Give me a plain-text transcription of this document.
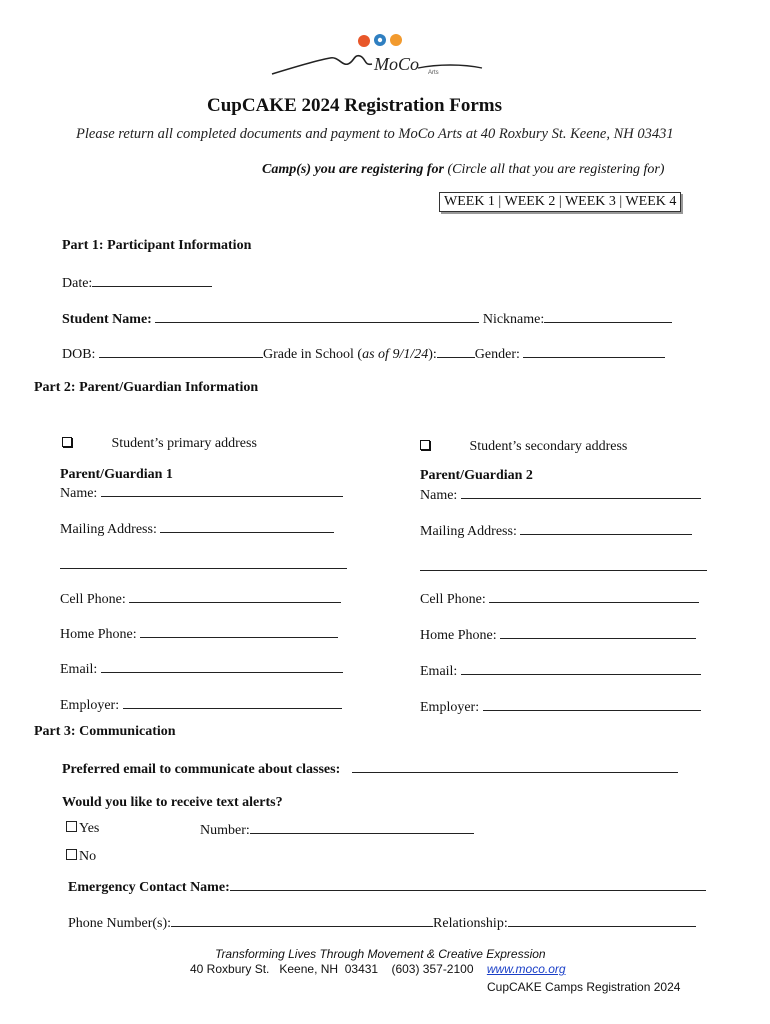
MoCo Arts
CupCAKE 2024 Registration Forms
Please return all completed documents and payment to MoCo Arts at 40 Roxbury St. Keene, NH 03431
Camp(s) you are registering for (Circle all that you are registering for)
WEEK 1 | WEEK 2 | WEEK 3 | WEEK 4
Part 1: Participant Information
Date:
Student Name:	Nickname:
DOB:	Grade in School (as of 9/1/24):	Gender:
Part 2: Parent/Guardian Information
Student’s primary address	Student’s secondary address
Parent/Guardian 1
Name:
Mailing Address:
Cell Phone:
Home Phone:
Email:
Employer:
Parent/Guardian 2
Name:
Mailing Address:
Cell Phone:
Home Phone:
Email:
Employer:
Part 3: Communication
Preferred email to communicate about classes:
Would you like to receive text alerts?
Yes	Number:
No
Emergency Contact Name:
Phone Number(s):	Relationship:
Transforming Lives Through Movement & Creative Expression
40 Roxbury St.   Keene, NH  03431    (603) 357-2100 www.moco.org
CupCAKE Camps Registration 2024
